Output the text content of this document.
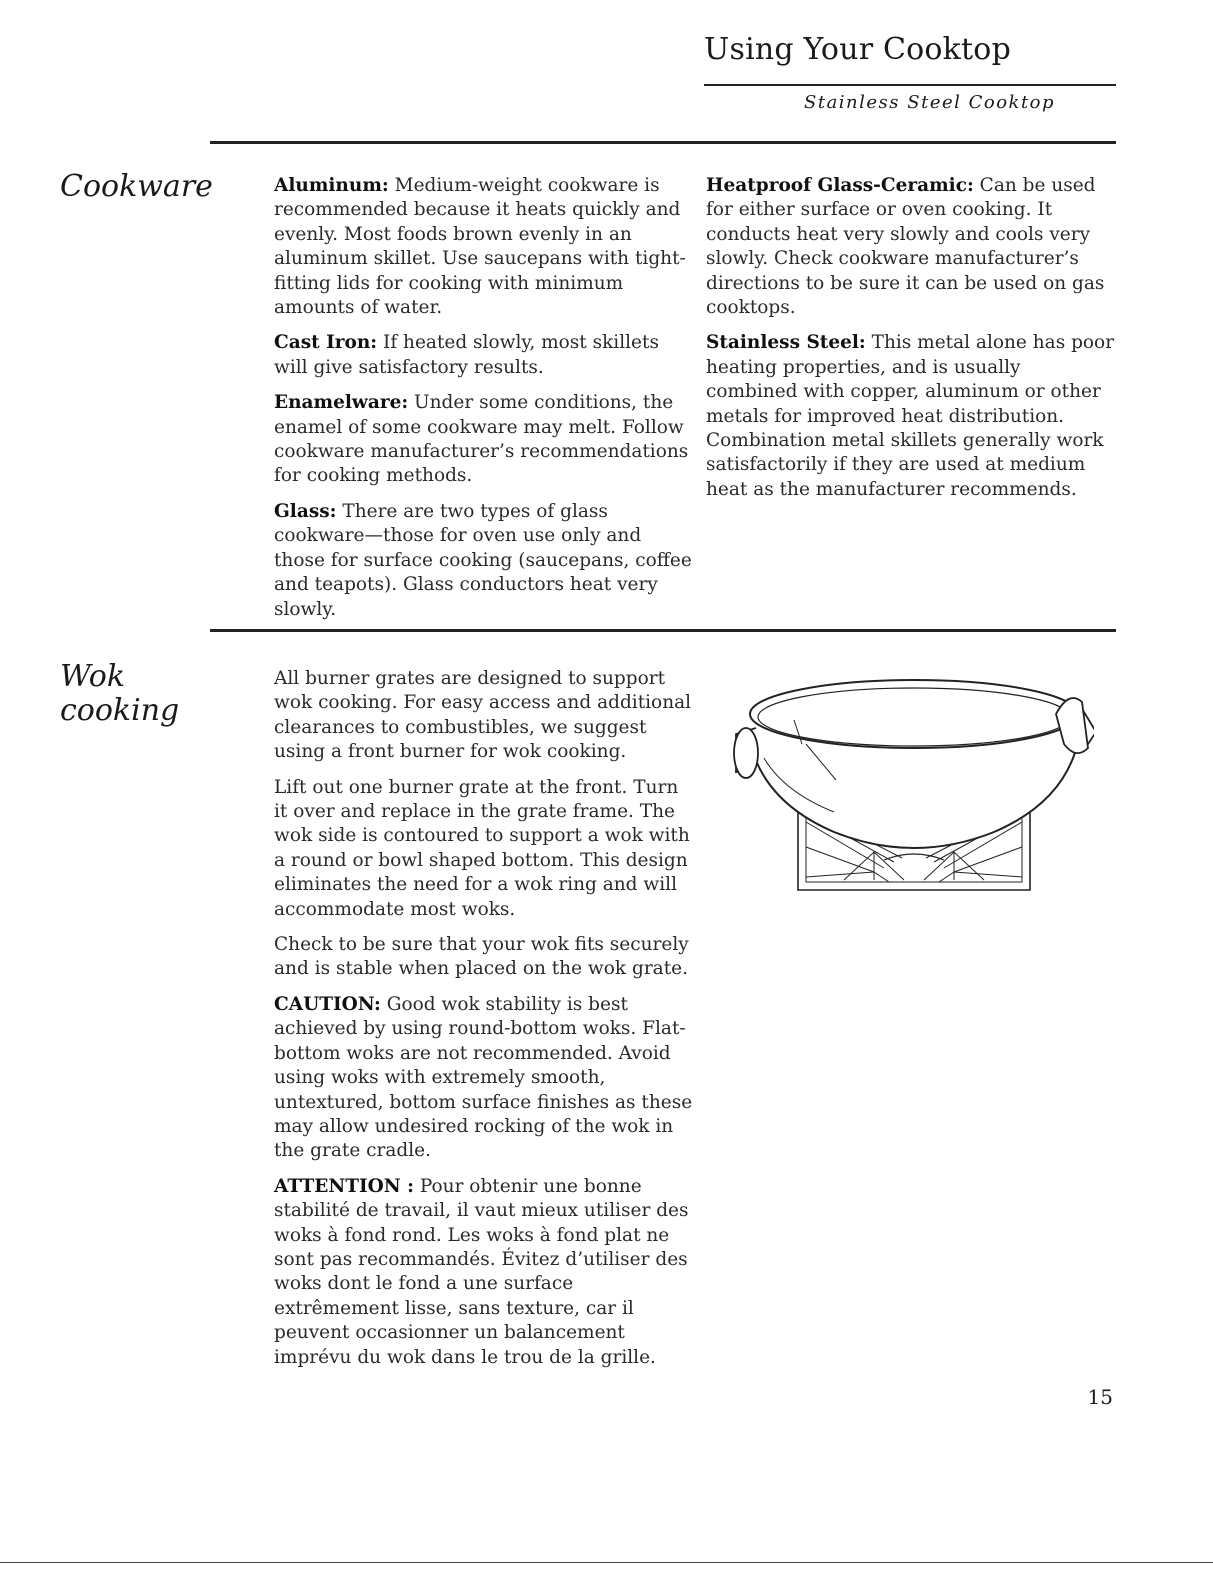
Using Your Cooktop
Stainless Steel Cooktop
Cookware	Aluminum: Medium-weight cookware is recommended because it heats quickly and evenly. Most foods brown evenly in an aluminum skillet. Use saucepans with tight-fitting lids for cooking with minimum amounts of water.

Cast Iron: If heated slowly, most skillets will give satisfactory results.

Enamelware: Under some conditions, the enamel of some cookware may melt. Follow cookware manufacturer’s recommendations for cooking methods.

Glass: There are two types of glass cookware—those for oven use only and those for surface cooking (saucepans, coffee and teapots). Glass conductors heat very slowly.

Heatproof Glass-Ceramic: Can be used for either surface or oven cooking. It conducts heat very slowly and cools very slowly. Check cookware manufacturer’s directions to be sure it can be used on gas cooktops.

Stainless Steel: This metal alone has poor heating properties, and is usually combined with copper, aluminum or other metals for improved heat distribution. Combination metal skillets generally work satisfactorily if they are used at medium heat as the manufacturer recommends.

Wok
cooking

All burner grates are designed to support wok cooking. For easy access and additional clearances to combustibles, we suggest using a front burner for wok cooking.

Lift out one burner grate at the front. Turn it over and replace in the grate frame. The wok side is contoured to support a wok with a round or bowl shaped bottom. This design eliminates the need for a wok ring and will accommodate most woks.

Check to be sure that your wok fits securely and is stable when placed on the wok grate.

CAUTION: Good wok stability is best achieved by using round-bottom woks. Flat-bottom woks are not recommended. Avoid using woks with extremely smooth, untextured, bottom surface finishes as these may allow undesired rocking of the wok in the grate cradle.

ATTENTION : Pour obtenir une bonne stabilité de travail, il vaut mieux utiliser des woks à fond rond. Les woks à fond plat ne sont pas recommandés. Évitez d’utiliser des woks dont le fond a une surface extrêmement lisse, sans texture, car il peuvent occasionner un balancement imprévu du wok dans le trou de la grille.

15
